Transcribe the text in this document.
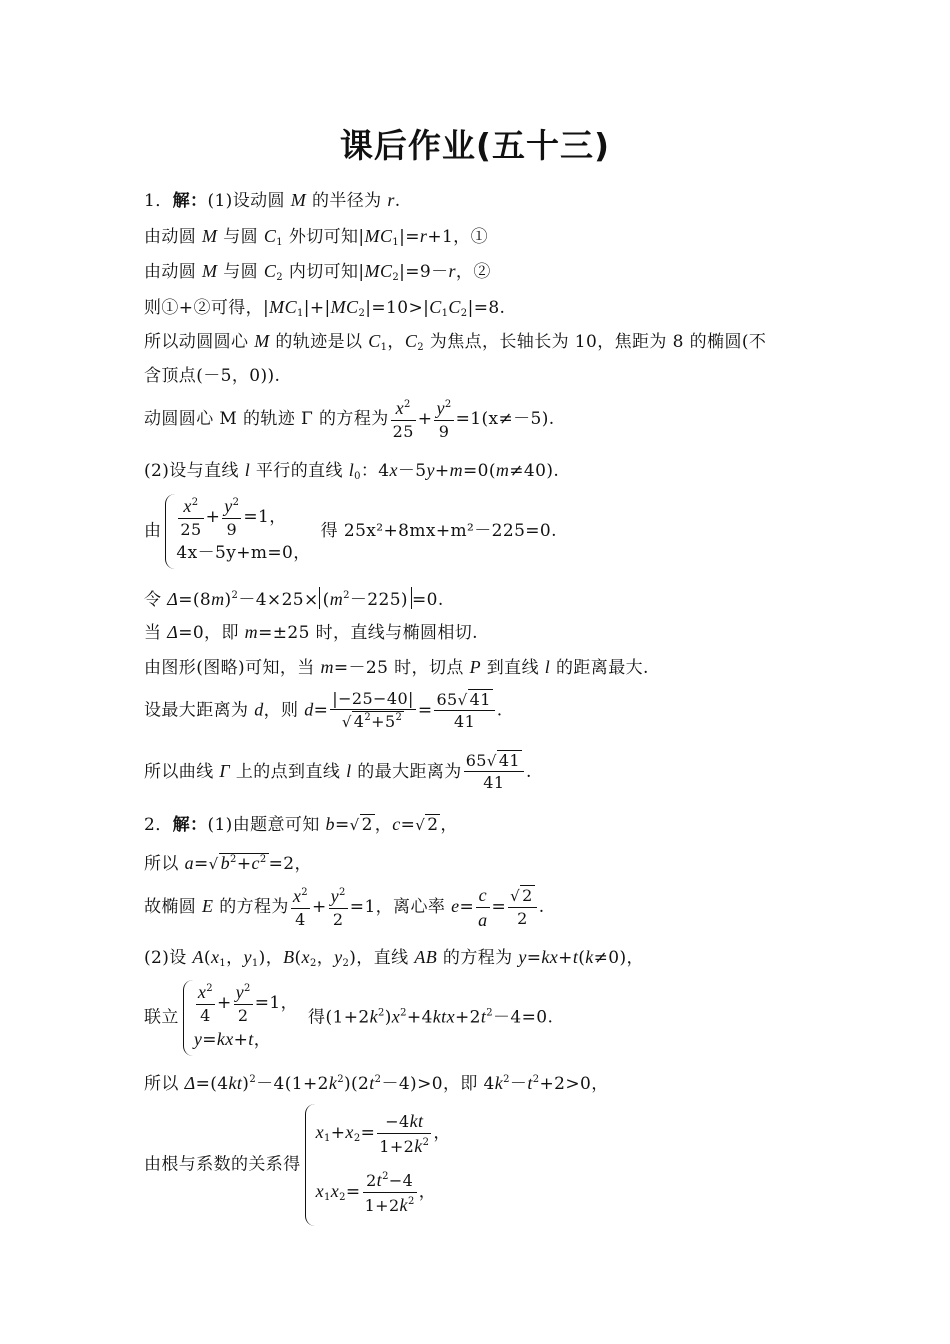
课后作业(五十三)
1．解：(1)设动圆 M 的半径为 r.
由动圆 M 与圆 $C_1$ 外切可知$|MC_1|=r+1$，①
由动圆 M 与圆 $C_2$ 内切可知$|MC_2|=9-r$，②
则①+②可得，$|MC_1|+|MC_2|=10>|C_1C_2|=8$.
所以动圆圆心 M 的轨迹是以 $C_1$，$C_2$ 为焦点，长轴长为 10，焦距为 8 的椭圆(不
含顶点(－5，0)).
动圆圆心 M 的轨迹 Γ 的方程为 $\frac{x^2}{25} + \frac{y^2}{9} =1(x\ne-5)$.
(2)设与直线 l 平行的直线 $l_0$：4x－5y+m=0(m≠40).
由 $\frac{x^2}{25} + \frac{y^2}{9} =1$，
4x－5y+m=0，
得 25x²+8mx+m²－225=0.
令 $\Delta=(8m)^2-4\times 25\times (m^2-225) =0$.
当 Δ=0，即 m=±25 时，直线与椭圆相切.
由图形(图略)可知，当 m=－25 时，切点 P 到直线 l 的距离最大.
设最大距离为 d，则 $d= \frac{|-25-40|}{√ 4^2+5^2} = \frac{65√ 41}{41}$ .
所以曲线 Γ 上的点到直线 l 的最大距离为 $\frac{65√ 41}{41}$ .
2．解：(1)由题意可知 b=√ 2 ，c=√ 2 ，
所以 a=√ $b^2+c^2 =2$，
故椭圆 E 的方程为 $\frac{x^2}{4} + \frac{y^2}{2} =1$，离心率 $e= \frac{c}{a} = \frac{√ 2}{2}$ .
(2)设 $A(x_1$，$y_1$)，$B(x_2$，$y_2$)，直线 AB 的方程为 y=kx+t(k≠0)，
联立 $\frac{x^2}{4} + \frac{y^2}{2} =1$，
y=kx+t，
得$(1+2k^2)x^2+4ktx+2t^2-4=0$.
所以 $\Delta=(4kt)^2-4(1+2k^2)(2t^2-4)>0$，即 $4k^2-t^2+2>0$，
由根与系数的关系得
$x_1+x_2= \frac{-4kt}{1+2k^2}$ ，
$x_1x_2= \frac{2t^2-4}{1+2k^2}$ ，
